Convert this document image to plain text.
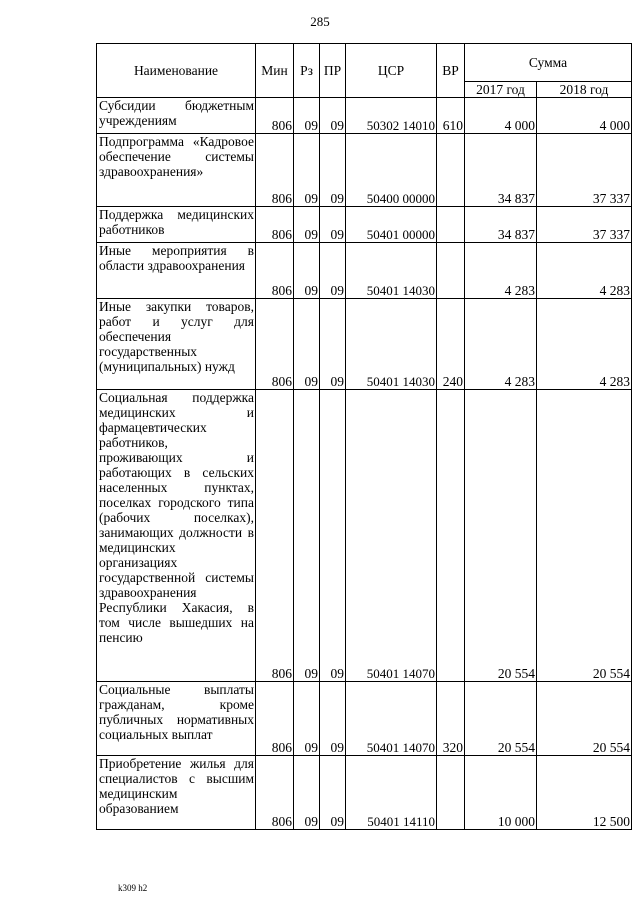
285
Наименование	Мин	Рз	ПР	ЦСР	ВР	Сумма	
						2017 год	2018 год
Субсидии бюджетным учреждениям	806	09	09	50302 14010	610	4 000	4 000
Подпрограмма «Кадровое обеспечение системы здравоохранения»	806	09	09	50400 00000		34 837	37 337
Поддержка медицинских работников	806	09	09	50401 00000		34 837	37 337
Иные мероприятия в области здравоохранения	806	09	09	50401 14030		4 283	4 283
Иные закупки товаров, работ и услуг для обеспечения государственных (муниципальных) нужд	806	09	09	50401 14030	240	4 283	4 283
Социальная поддержка медицинских и фармацевтических работников, проживающих и работающих в сельских населенных пунктах, поселках городского типа (рабочих поселках), занимающих должности в медицинских организациях государственной системы здравоохранения Республики Хакасия, в том числе вышедших на пенсию	806	09	09	50401 14070		20 554	20 554
Социальные выплаты гражданам, кроме публичных нормативных социальных выплат	806	09	09	50401 14070	320	20 554	20 554
Приобретение жилья для специалистов с высшим медицинским образованием	806	09	09	50401 14110		10 000	12 500
k309 h2
